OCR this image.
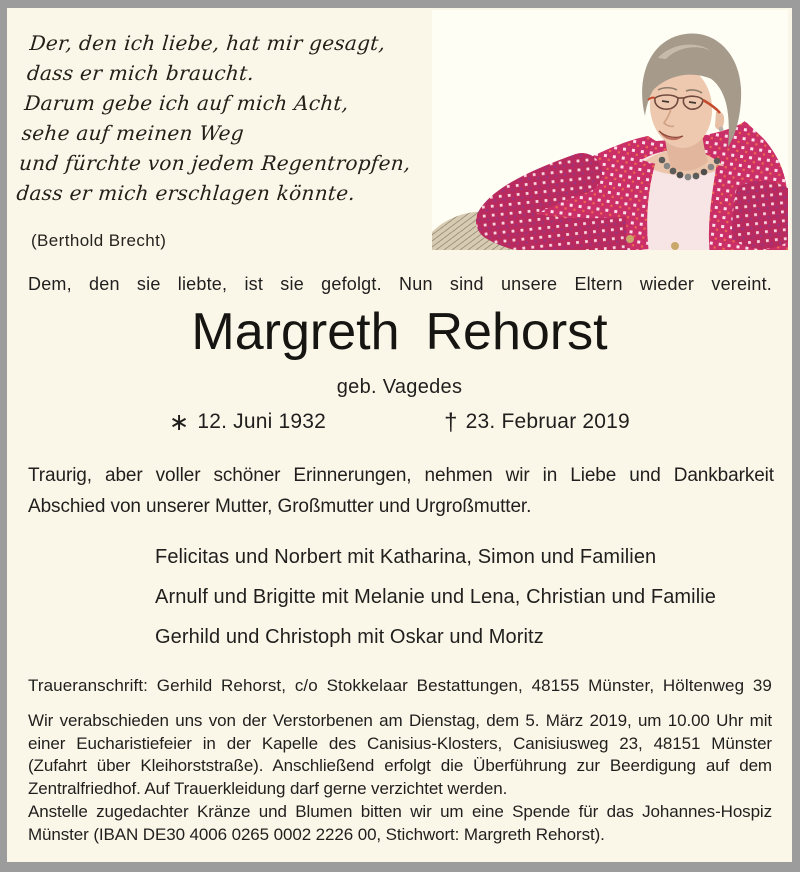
Der, den ich liebe, hat mir gesagt,
dass er mich braucht.
Darum gebe ich auf mich Acht,
sehe auf meinen Weg
und fürchte von jedem Regentropfen,
dass er mich erschlagen könnte.
(Berthold Brecht)

Dem, den sie liebte, ist sie gefolgt. Nun sind unsere Eltern wieder vereint.

Margreth Rehorst
geb. Vagedes
∗ 12. Juni 1932	† 23. Februar 2019

Traurig, aber voller schöner Erinnerungen, nehmen wir in Liebe und Dankbarkeit Abschied von unserer Mutter, Großmutter und Urgroßmutter.

Felicitas und Norbert mit Katharina, Simon und Familien
Arnulf und Brigitte mit Melanie und Lena, Christian und Familie
Gerhild und Christoph mit Oskar und Moritz

Traueranschrift: Gerhild Rehorst, c/o Stokkelaar Bestattungen, 48155 Münster, Höltenweg 39

Wir verabschieden uns von der Verstorbenen am Dienstag, dem 5. März 2019, um 10.00 Uhr mit einer Eucharistiefeier in der Kapelle des Canisius-Klosters, Canisiusweg 23, 48151 Münster (Zufahrt über Kleihorststraße). Anschließend erfolgt die Überführung zur Beerdigung auf dem Zentralfriedhof. Auf Trauerkleidung darf gerne verzichtet werden.

Anstelle zugedachter Kränze und Blumen bitten wir um eine Spende für das Johannes-Hospiz Münster (IBAN DE30 4006 0265 0002 2226 00, Stichwort: Margreth Rehorst).
